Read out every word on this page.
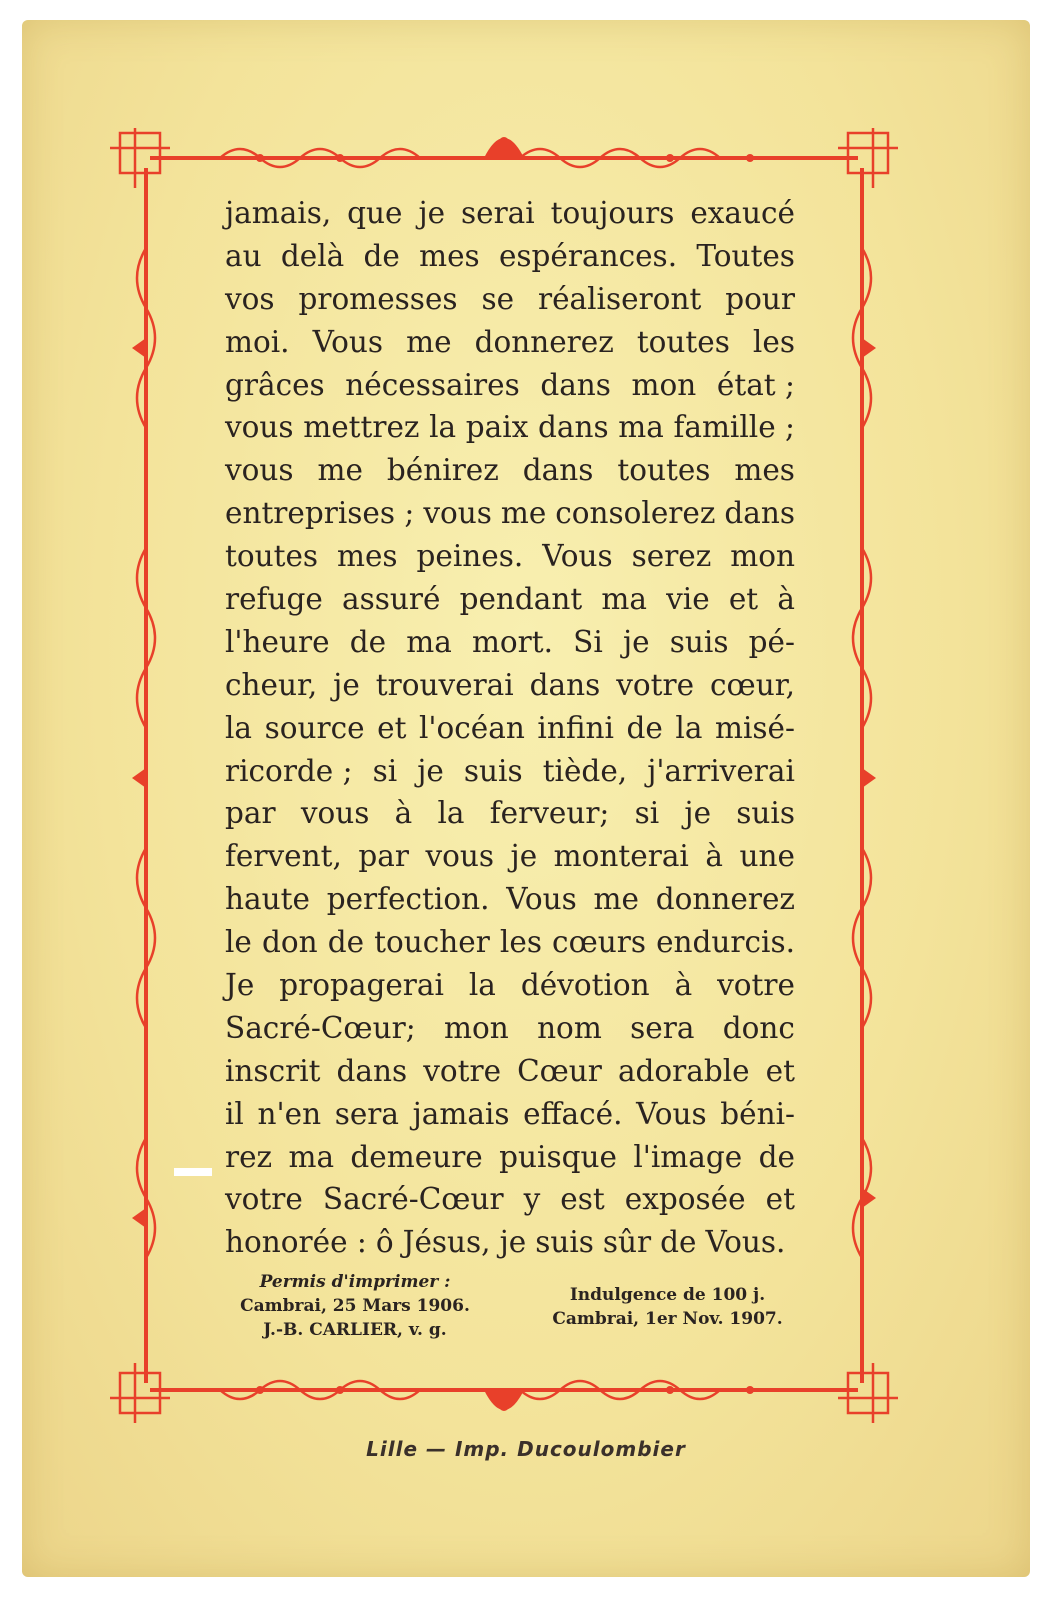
jamais, que je serai toujours exaucé
au delà de mes espérances. Toutes
vos promesses se réaliseront pour
moi. Vous me donnerez toutes les
grâces nécessaires dans mon état ;
vous mettrez la paix dans ma famille ;
vous me bénirez dans toutes mes
entreprises ; vous me consolerez dans
toutes mes peines. Vous serez mon
refuge assuré pendant ma vie et à
l'heure de ma mort. Si je suis pé-
cheur, je trouverai dans votre cœur,
la source et l'océan infini de la misé-
ricorde ; si je suis tiède, j'arriverai
par vous à la ferveur; si je suis
fervent, par vous je monterai à une
haute perfection. Vous me donnerez
le don de toucher les cœurs endurcis.
Je propagerai la dévotion à votre
Sacré-Cœur; mon nom sera donc
inscrit dans votre Cœur adorable et
il n'en sera jamais effacé. Vous béni-
rez ma demeure puisque l'image de
votre Sacré-Cœur y est exposée et
honorée : ô Jésus, je suis sûr de Vous.
Permis d'imprimer :
Cambrai, 25 Mars 1906.
J.-B. CARLIER, v. g.
Indulgence de 100 j.
Cambrai, 1er Nov. 1907.
Lille — Imp. Ducoulombier
